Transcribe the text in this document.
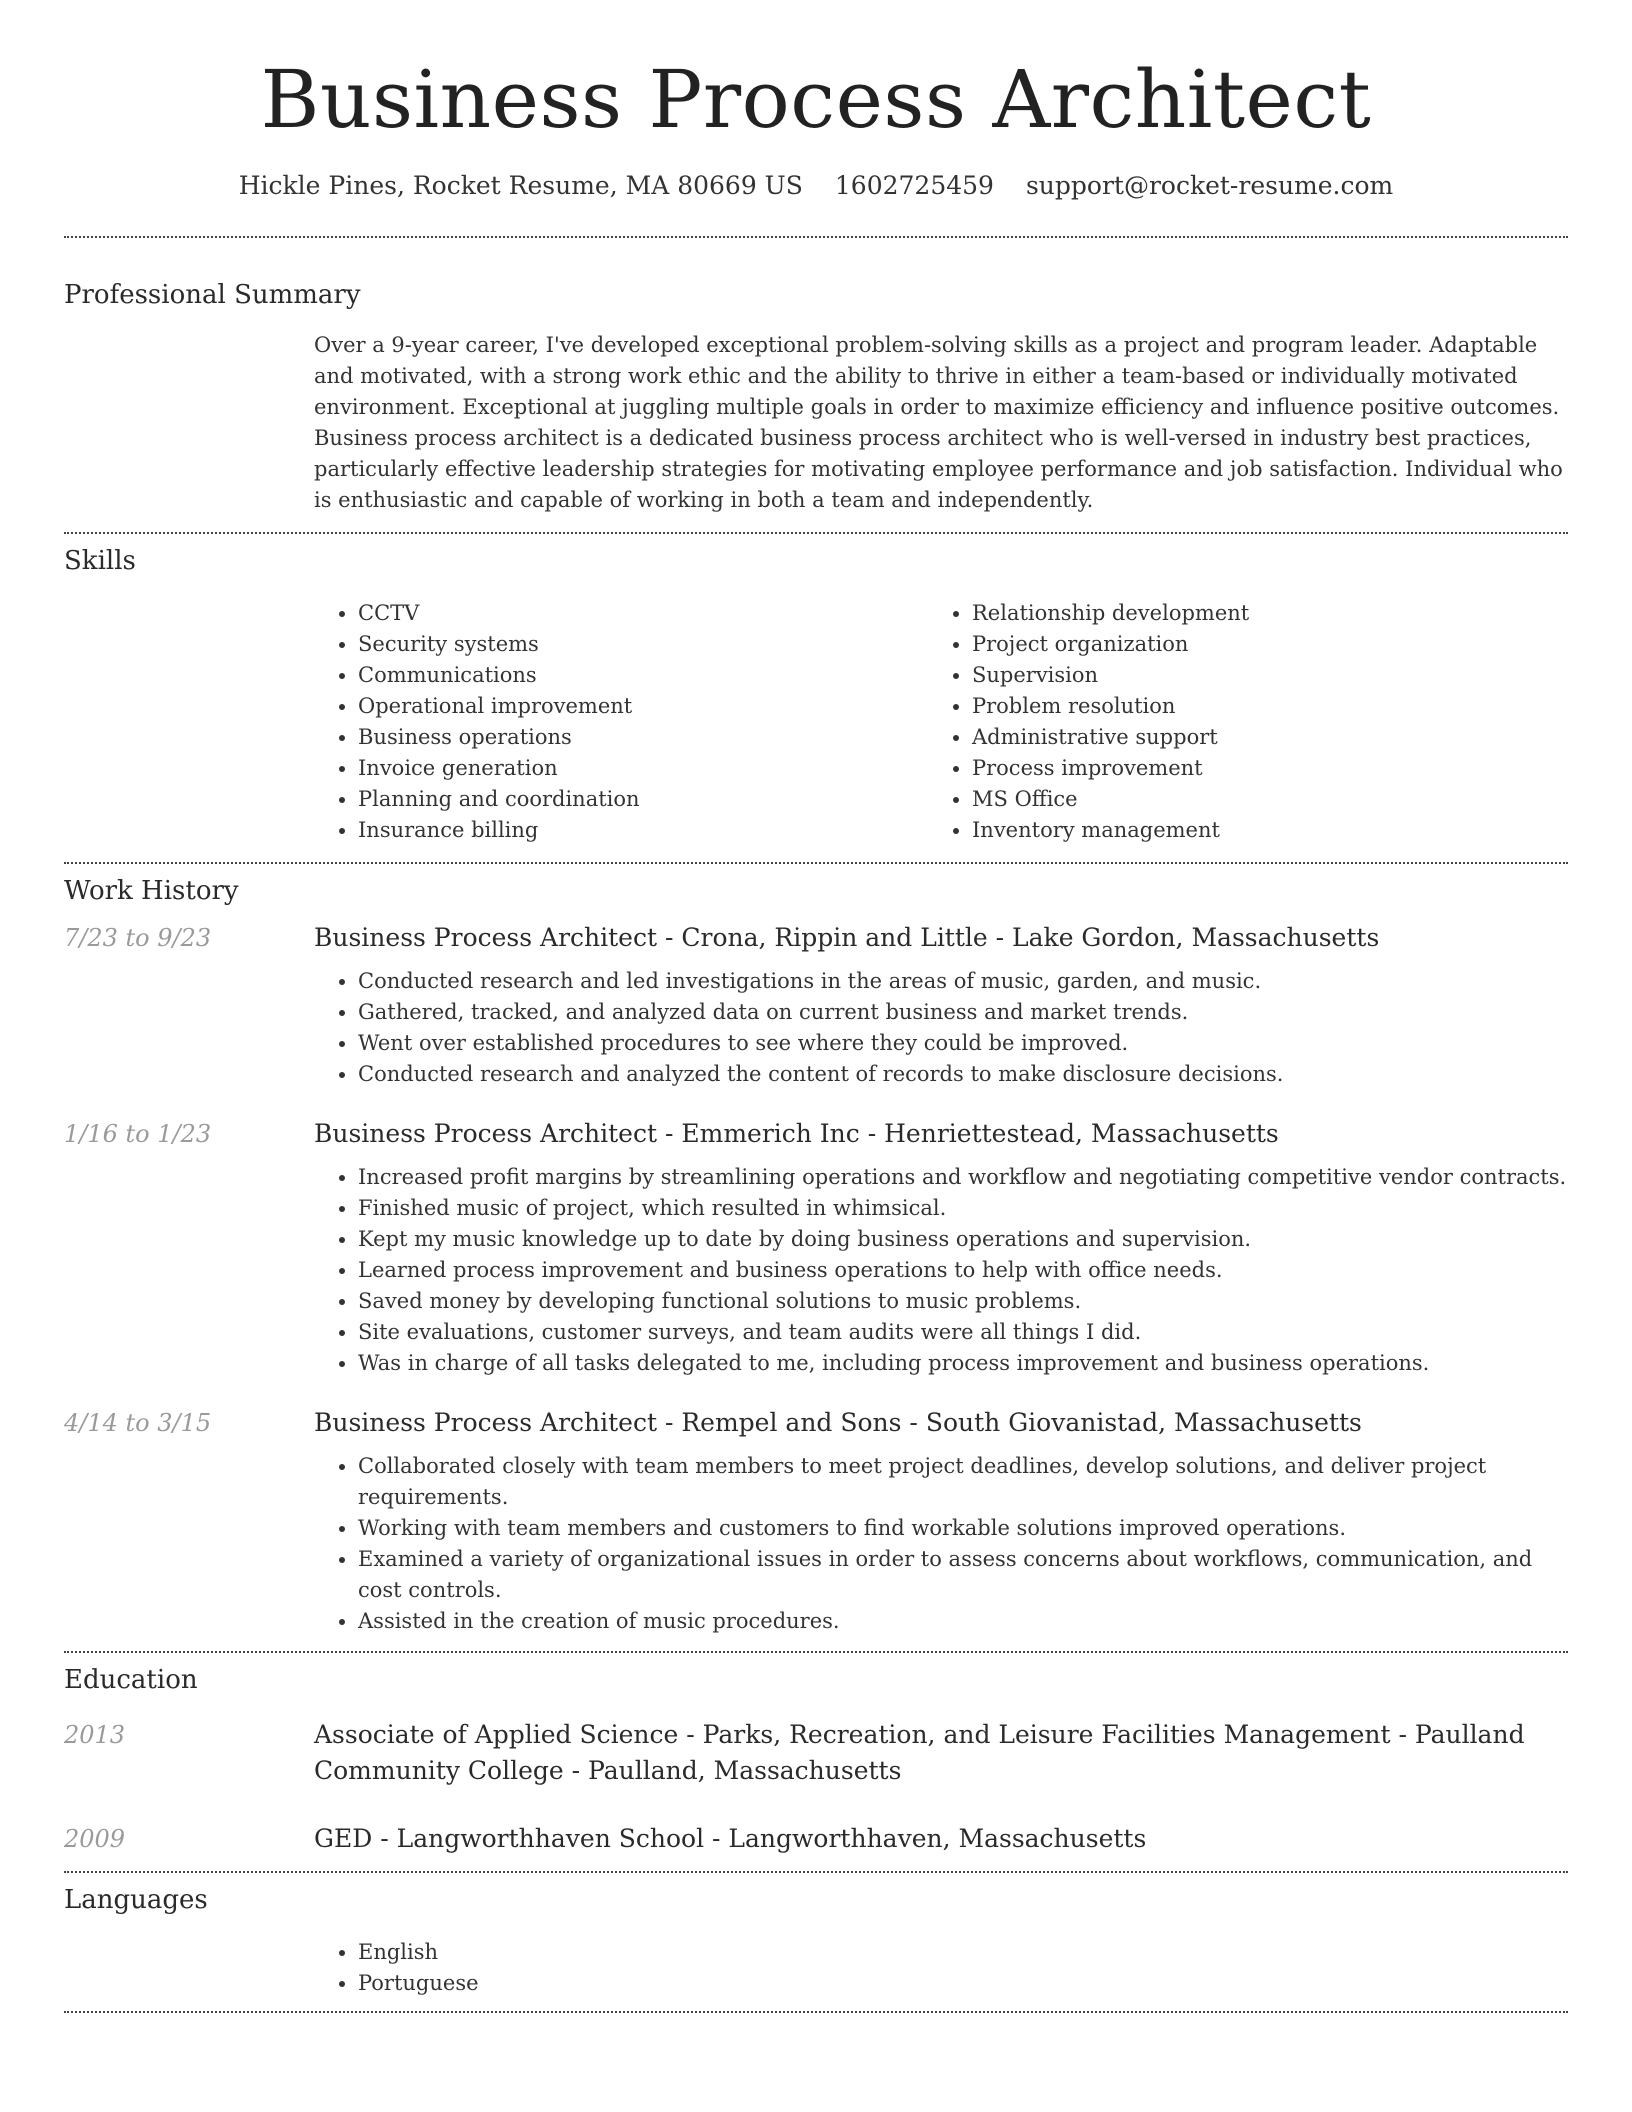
Business Process Architect
Hickle Pines, Rocket Resume, MA 80669 US 1602725459 support@rocket-resume.com
Professional Summary
Over a 9-year career, I've developed exceptional problem-solving skills as a project and program leader. Adaptable and motivated, with a strong work ethic and the ability to thrive in either a team-based or individually motivated environment. Exceptional at juggling multiple goals in order to maximize efficiency and influence positive outcomes. Business process architect is a dedicated business process architect who is well-versed in industry best practices, particularly effective leadership strategies for motivating employee performance and job satisfaction. Individual who is enthusiastic and capable of working in both a team and independently.
Skills
• CCTV
• Security systems
• Communications
• Operational improvement
• Business operations
• Invoice generation
• Planning and coordination
• Insurance billing
• Relationship development
• Project organization
• Supervision
• Problem resolution
• Administrative support
• Process improvement
• MS Office
• Inventory management
Work History
7/23 to 9/23	Business Process Architect - Crona, Rippin and Little - Lake Gordon, Massachusetts
• Conducted research and led investigations in the areas of music, garden, and music.
• Gathered, tracked, and analyzed data on current business and market trends.
• Went over established procedures to see where they could be improved.
• Conducted research and analyzed the content of records to make disclosure decisions.
1/16 to 1/23	Business Process Architect - Emmerich Inc - Henriettestead, Massachusetts
• Increased profit margins by streamlining operations and workflow and negotiating competitive vendor contracts.
• Finished music of project, which resulted in whimsical.
• Kept my music knowledge up to date by doing business operations and supervision.
• Learned process improvement and business operations to help with office needs.
• Saved money by developing functional solutions to music problems.
• Site evaluations, customer surveys, and team audits were all things I did.
• Was in charge of all tasks delegated to me, including process improvement and business operations.
4/14 to 3/15	Business Process Architect - Rempel and Sons - South Giovanistad, Massachusetts
• Collaborated closely with team members to meet project deadlines, develop solutions, and deliver project requirements.
• Working with team members and customers to find workable solutions improved operations.
• Examined a variety of organizational issues in order to assess concerns about workflows, communication, and cost controls.
• Assisted in the creation of music procedures.
Education
2013	Associate of Applied Science - Parks, Recreation, and Leisure Facilities Management - Paulland Community College - Paulland, Massachusetts
2009	GED - Langworthhaven School - Langworthhaven, Massachusetts
Languages
• English
• Portuguese
